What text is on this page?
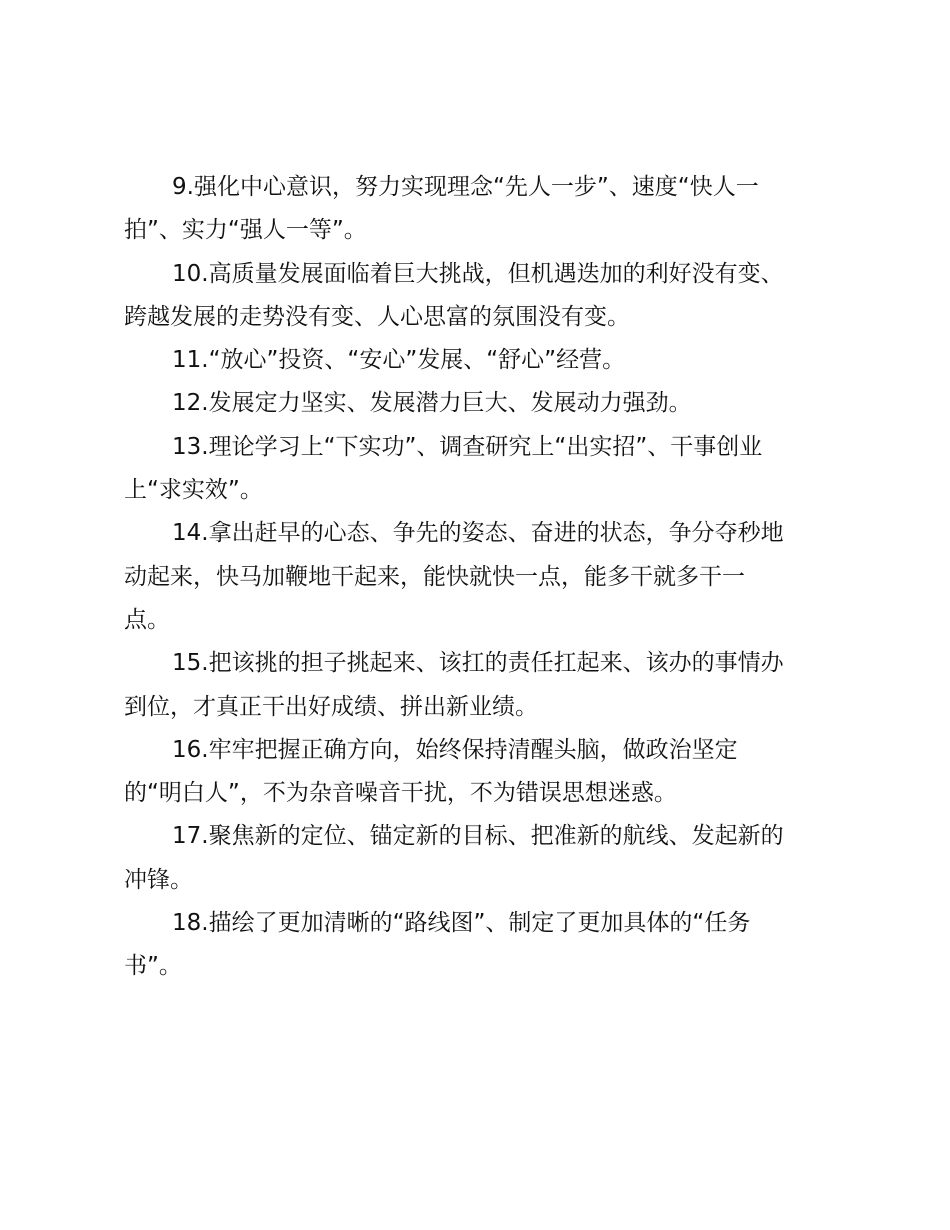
9.强化中心意识，努力实现理念“先人一步”、速度“快人一
拍”、实力“强人一等”。

10.高质量发展面临着巨大挑战，但机遇迭加的利好没有变、
跨越发展的走势没有变、人心思富的氛围没有变。

11.“放心”投资、“安心”发展、“舒心”经营。

12.发展定力坚实、发展潜力巨大、发展动力强劲。

13.理论学习上“下实功”、调查研究上“出实招”、干事创业
上“求实效”。

14.拿出赶早的心态、争先的姿态、奋进的状态，争分夺秒地
动起来，快马加鞭地干起来，能快就快一点，能多干就多干一
点。

15.把该挑的担子挑起来、该扛的责任扛起来、该办的事情办
到位，才真正干出好成绩、拼出新业绩。

16.牢牢把握正确方向，始终保持清醒头脑，做政治坚定
的“明白人”，不为杂音噪音干扰，不为错误思想迷惑。

17.聚焦新的定位、锚定新的目标、把准新的航线、发起新的
冲锋。

18.描绘了更加清晰的“路线图”、制定了更加具体的“任务
书”。
